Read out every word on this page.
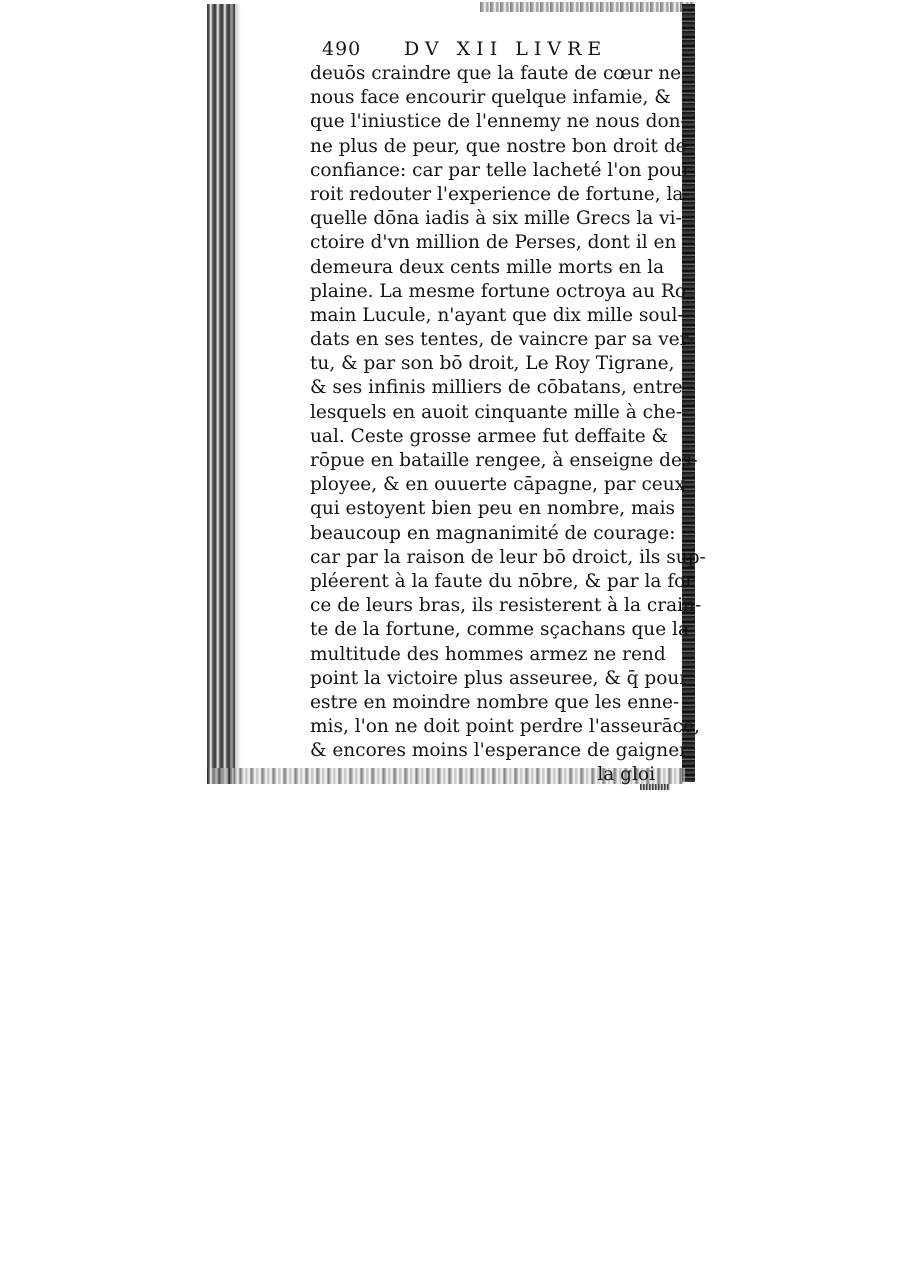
490 DV XII LIVRE
deuōs craindre que la faute de cœur ne
nous face encourir quelque infamie, &
que l'iniustice de l'ennemy ne nous don-
ne plus de peur, que nostre bon droit de
confiance: car par telle lacheté l'on pour
roit redouter l'experience de fortune, la-
quelle dōna iadis à six mille Grecs la vi-
ctoire d'vn million de Perses, dont il en
demeura deux cents mille morts en la
plaine. La mesme fortune octroya au Ro
main Lucule, n'ayant que dix mille soul-
dats en ses tentes, de vaincre par sa ver-
tu, & par son bō droit, Le Roy Tigrane,
& ses infinis milliers de cōbatans, entre
lesquels en auoit cinquante mille à che-
ual. Ceste grosse armee fut deffaite &
rōpue en bataille rengee, à enseigne des-
ployee, & en ouuerte cāpagne, par ceux
qui estoyent bien peu en nombre, mais
beaucoup en magnanimité de courage:
car par la raison de leur bō droict, ils sup-
pléerent à la faute du nōbre, & par la for
ce de leurs bras, ils resisterent à la crain-
te de la fortune, comme sçachans que la
multitude des hommes armez ne rend
point la victoire plus asseuree, & q̄ pour
estre en moindre nombre que les enne-
mis, l'on ne doit point perdre l'asseurāce,
& encores moins l'esperance de gaigner
la gloi
